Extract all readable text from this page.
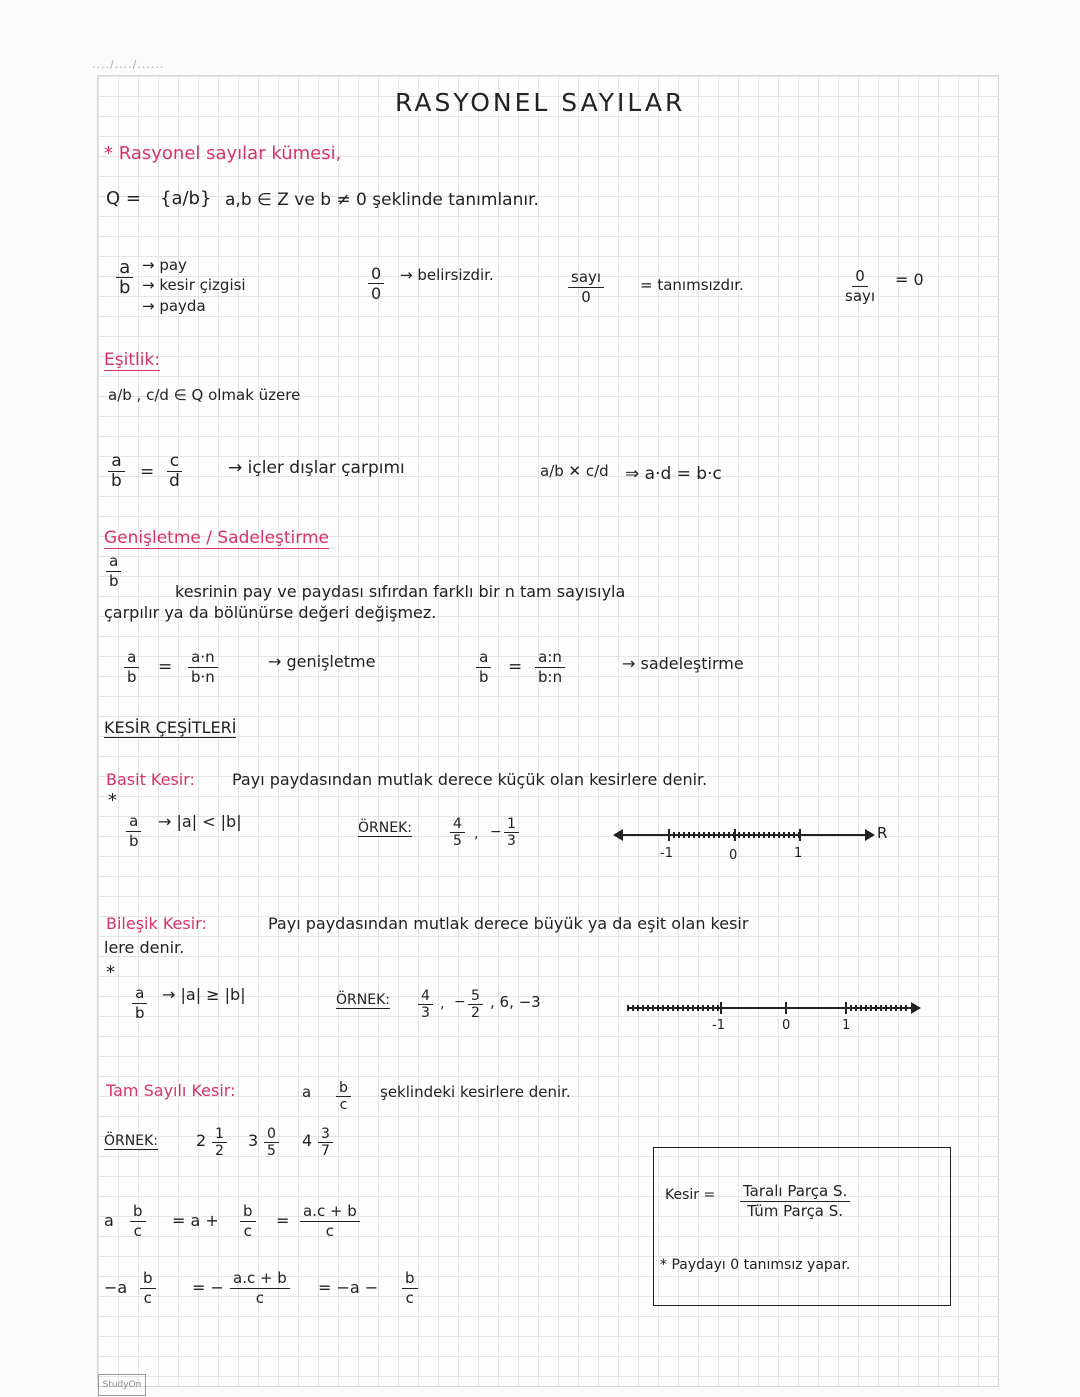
..../..../......
RASYONEL SAYILAR
* Rasyonel sayılar kümesi,
Q = {a/b} a,b ∈ Z ve b ≠ 0 şeklinde tanımlanır.
$\frac{a}{b}$ → pay
→ kesir çizgisi
→ payda
$\frac{0}{0}$ → belirsizdir.	sayı
0
= tanımsızdır.	0
sayı
= 0
Eşitlik:
a/b , c/d ∈ Q olmak üzere
$\frac{a}{b} = \frac{c}{d}$	→ içler dışlar çarpımı	a/b ✕ c/d ⇒ a·d = b·c
Genişletme / Sadeleştirme
$\frac{a}{b}$
kesrinin pay ve paydası sıfırdan farklı bir n tam sayısıyla
çarpılır ya da bölünürse değeri değişmez.
$\frac{a}{b} = \frac{a\cdot n}{b\cdot n}$	→ genişletme	$\frac{a}{b} = \frac{a:n}{b:n}$	→ sadeleştirme
KESİR ÇEŞİTLERİ
Basit Kesir: Payı paydasından mutlak derece küçük olan kesirlere denir.
*
$\frac{a}{b} \to |a| < |b|$	ÖRNEK:	$\frac{4}{5}$ , − $\frac{1}{3}$
-1	0	1
R
Bileşik Kesir:	Payı paydasından mutlak derece büyük ya da eşit olan kesir
lere denir.
*
$\frac{a}{b} \to |a| \ge |b|$	ÖRNEK: $\frac{4}{3}$ , − $\frac{5}{2}$ , 6, −3
-1	0	1
Tam Sayılı Kesir:	a $\frac{b}{c}$ şeklindeki kesirlere denir.
ÖRNEK: $2 \frac{1}{2} 3 \frac{0}{5} 4 \frac{3}{7}$
a $\frac{b}{c} = a + \frac{b}{c} = \frac{a.c + b}{c}$
$-a \frac{b}{c}$ = − $\frac{a.c + b}{c} = -a - \frac{b}{c}$
Kesir = Taralı Parça S.
Tüm Parça S.
* Paydayı 0 tanımsız yapar.
StudyOn
